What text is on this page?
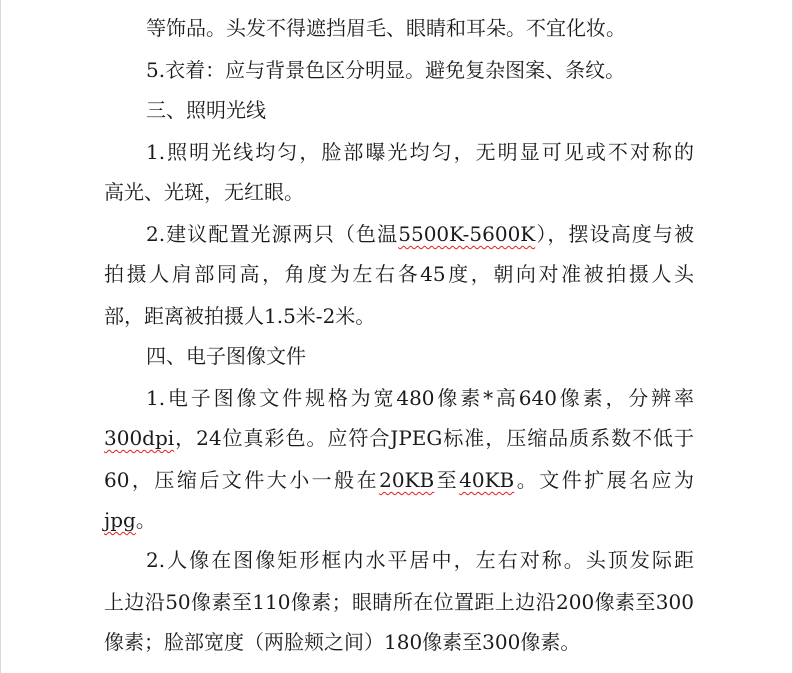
等饰品。头发不得遮挡眉毛、眼睛和耳朵。不宜化妆。
5.衣着：应与背景色区分明显。避免复杂图案、条纹。
三、照明光线
1.照明光线均匀，脸部曝光均匀，无明显可见或不对称的
高光、光斑，无红眼。
2.建议配置光源两只（色温5500K-5600K），摆设高度与被
拍摄人肩部同高，角度为左右各45度，朝向对准被拍摄人头
部，距离被拍摄人1.5米-2米。
四、电子图像文件
1.电子图像文件规格为宽480像素*高640像素，分辨率
300dpi，24位真彩色。应符合JPEG标准，压缩品质系数不低于
60，压缩后文件大小一般在20KB至40KB。文件扩展名应为
jpg。
2.人像在图像矩形框内水平居中，左右对称。头顶发际距
上边沿50像素至110像素；眼睛所在位置距上边沿200像素至300
像素；脸部宽度（两脸颊之间）180像素至300像素。
